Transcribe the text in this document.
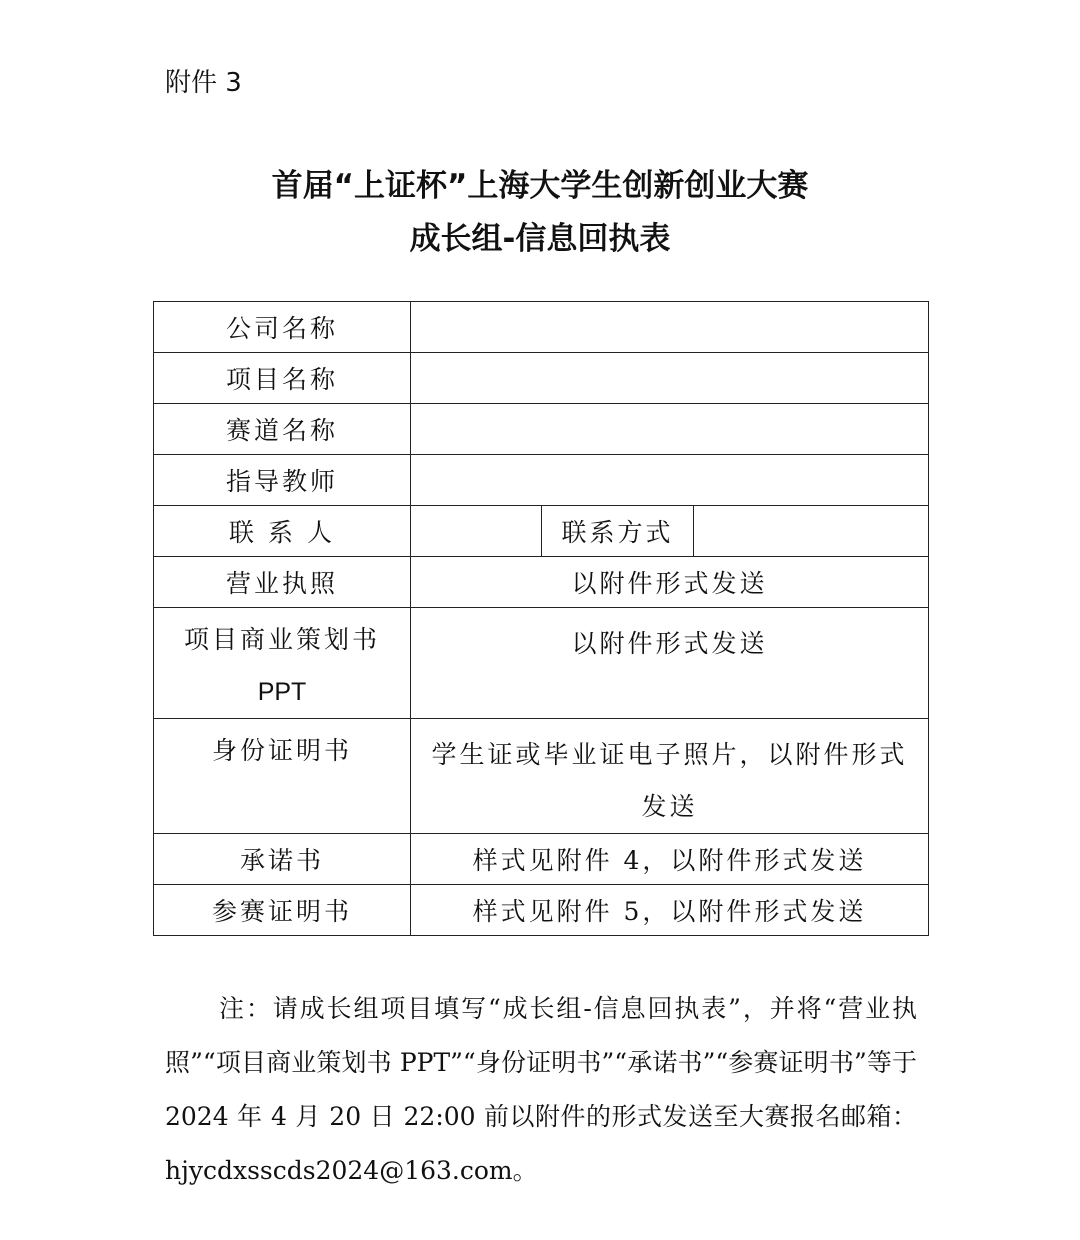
附件 3
首届“上证杯”上海大学生创新创业大赛
成长组-信息回执表
公司名称			
项目名称			
赛道名称			
指导教师			
联 系 人		联系方式	
营业执照	以附件形式发送		

项目商业策划书
PPT	以附件形式发送		
身份证明书	学生证或毕业证电子照片，以附件形式发送		
承诺书	样式见附件 4，以附件形式发送		
参赛证明书	样式见附件 5，以附件形式发送		
注：请成长组项目填写“成长组-信息回执表”，并将“营业执照”“项目商业策划书 PPT”“身份证明书”“承诺书”“参赛证明书”等于 2024 年 4 月 20 日 22:00 前以附件的形式发送至大赛报名邮箱：hjycdxsscds2024@163.com。
